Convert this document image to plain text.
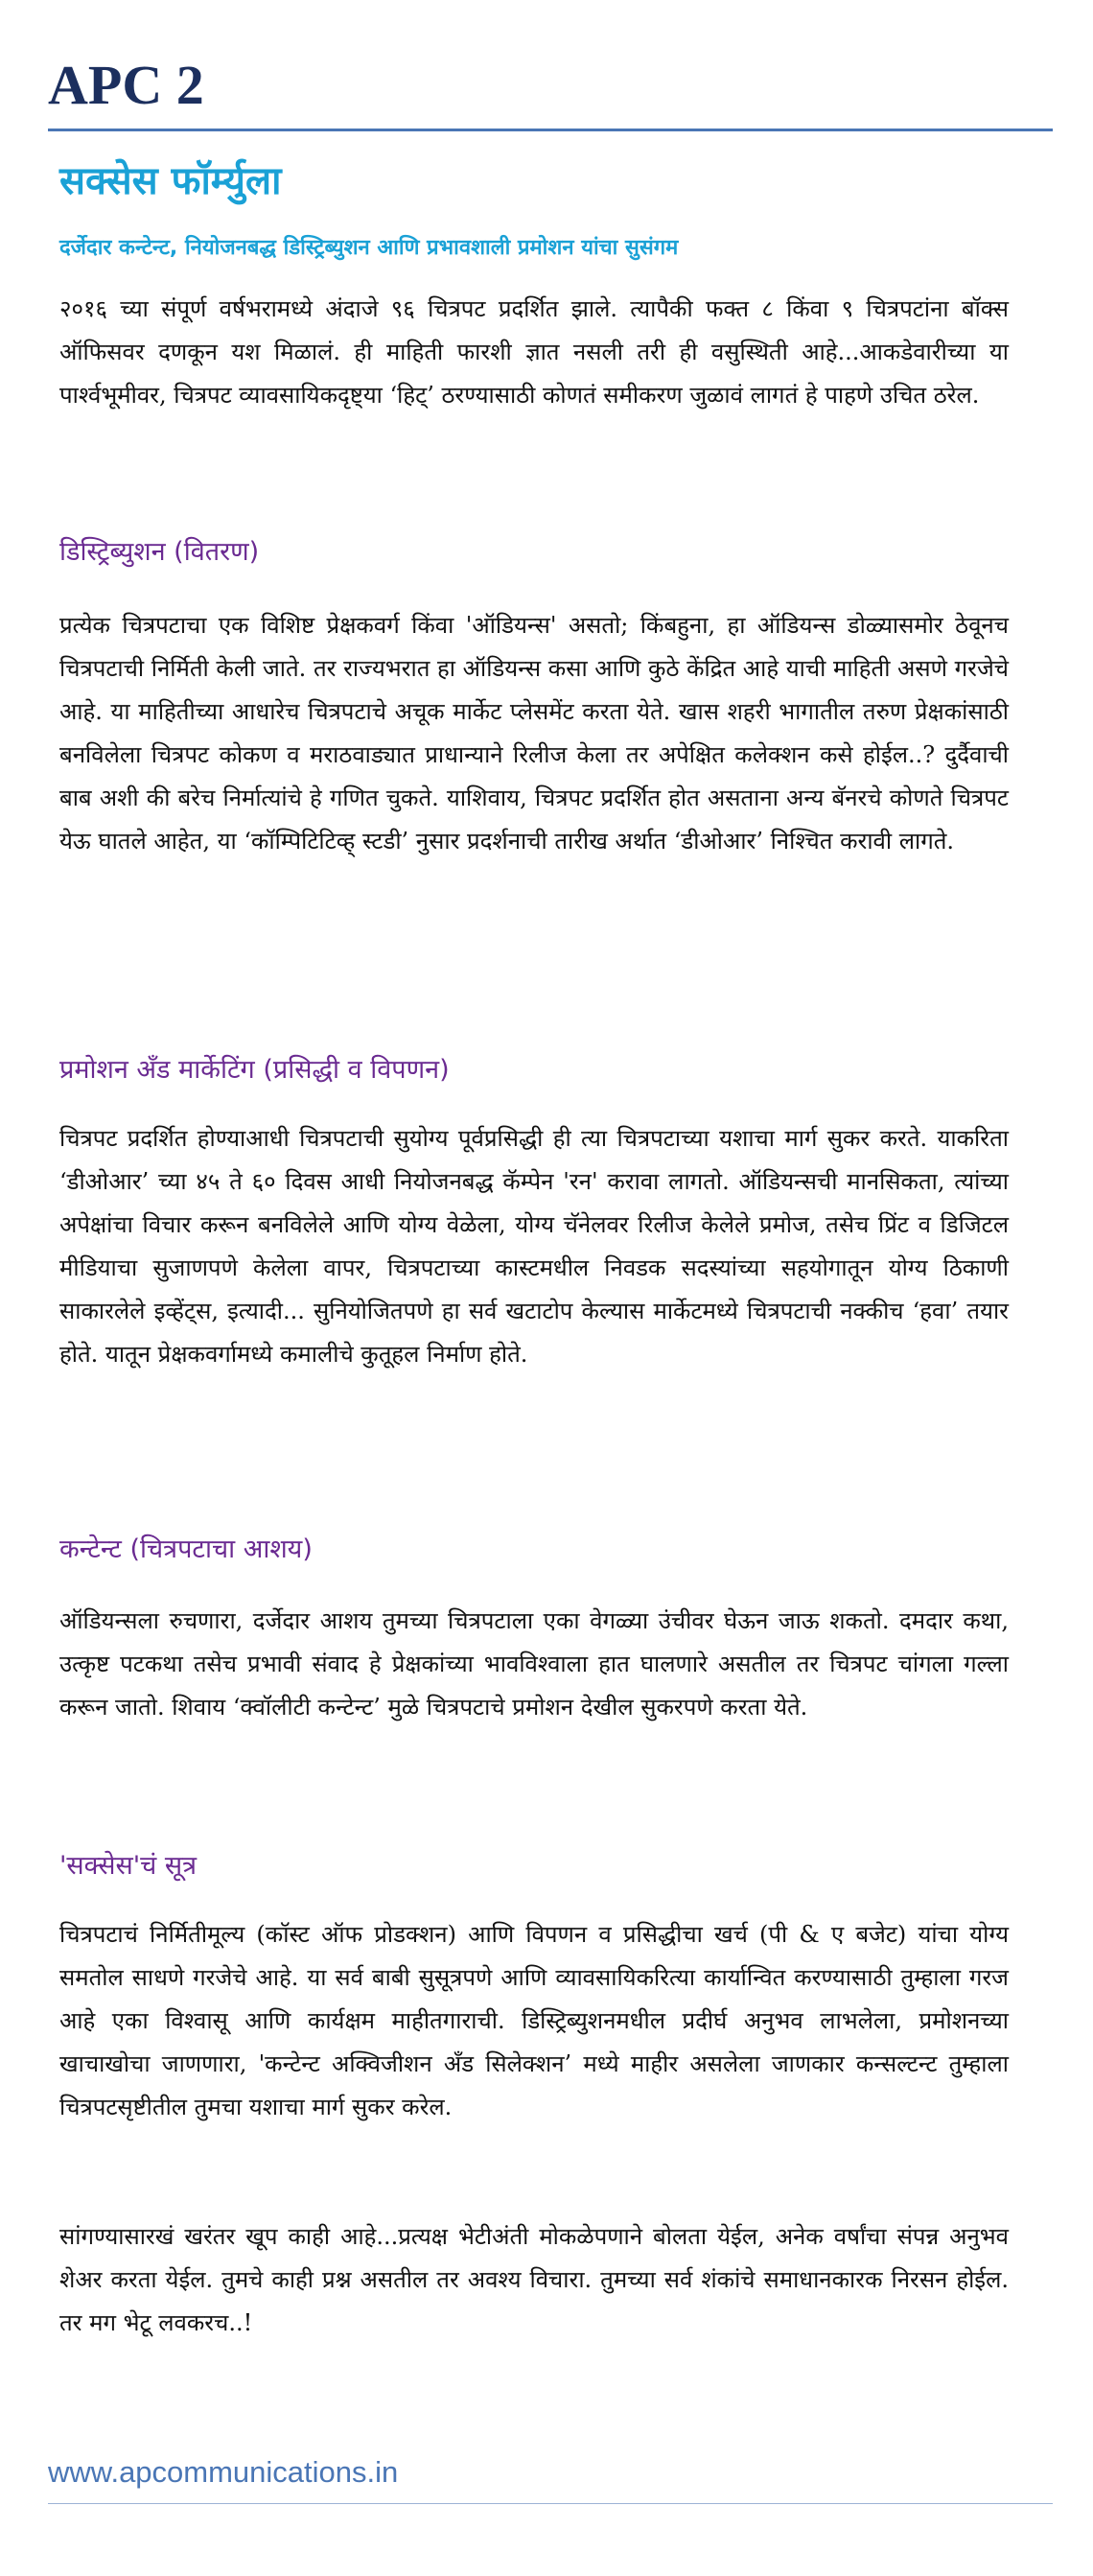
APC 2
सक्सेस फॉर्म्युला
दर्जेदार कन्टेन्ट, नियोजनबद्ध डिस्ट्रिब्युशन आणि प्रभावशाली प्रमोशन यांचा सुसंगम

२०१६ च्या संपूर्ण वर्षभरामध्ये अंदाजे ९६ चित्रपट प्रदर्शित झाले. त्यापैकी फक्त ८ किंवा ९ चित्रपटांना बॉक्स ऑफिसवर दणकून यश मिळालं. ही माहिती फारशी ज्ञात नसली तरी ही वसुस्थिती आहे...आकडेवारीच्या या पार्श्वभूमीवर, चित्रपट व्यावसायिकदृष्ट्या ‘हिट्’ ठरण्यासाठी कोणतं समीकरण जुळावं लागतं हे पाहणे उचित ठरेल.

डिस्ट्रिब्युशन (वितरण)

प्रत्येक चित्रपटाचा एक विशिष्ट प्रेक्षकवर्ग किंवा 'ऑडियन्स' असतो; किंबहुना, हा ऑडियन्स डोळ्यासमोर ठेवूनच चित्रपटाची निर्मिती केली जाते. तर राज्यभरात हा ऑडियन्स कसा आणि कुठे केंद्रित आहे याची माहिती असणे गरजेचे आहे. या माहितीच्या आधारेच चित्रपटाचे अचूक मार्केट प्लेसमेंट करता येते. खास शहरी भागातील तरुण प्रेक्षकांसाठी बनविलेला चित्रपट कोकण व मराठवाड्यात प्राधान्याने रिलीज केला तर अपेक्षित कलेक्शन कसे होईल..? दुर्दैवाची बाब अशी की बरेच निर्मात्यांचे हे गणित चुकते. याशिवाय, चित्रपट प्रदर्शित होत असताना अन्य बॅनरचे कोणते चित्रपट येऊ घातले आहेत, या ‘कॉम्पिटिटिव्ह् स्टडी’ नुसार प्रदर्शनाची तारीख अर्थात ‘डीओआर’ निश्चित करावी लागते.

प्रमोशन अँड मार्केटिंग (प्रसिद्धी व विपणन)

चित्रपट प्रदर्शित होण्याआधी चित्रपटाची सुयोग्य पूर्वप्रसिद्धी ही त्या चित्रपटाच्या यशाचा मार्ग सुकर करते. याकरिता ‘डीओआर’ च्या ४५ ते ६० दिवस आधी नियोजनबद्ध कॅम्पेन 'रन' करावा लागतो. ऑडियन्सची मानसिकता, त्यांच्या अपेक्षांचा विचार करून बनविलेले आणि योग्य वेळेला, योग्य चॅनेलवर रिलीज केलेले प्रमोज, तसेच प्रिंट व डिजिटल मीडियाचा सुजाणपणे केलेला वापर, चित्रपटाच्या कास्टमधील निवडक सदस्यांच्या सहयोगातून योग्य ठिकाणी साकारलेले इव्हेंट्स, इत्यादी... सुनियोजितपणे हा सर्व खटाटोप केल्यास मार्केटमध्ये चित्रपटाची नक्कीच ‘हवा’ तयार होते. यातून प्रेक्षकवर्गामध्ये कमालीचे कुतूहल निर्माण होते.

कन्टेन्ट (चित्रपटाचा आशय)

ऑडियन्सला रुचणारा, दर्जेदार आशय तुमच्या चित्रपटाला एका वेगळ्या उंचीवर घेऊन जाऊ शकतो. दमदार कथा, उत्कृष्ट पटकथा तसेच प्रभावी संवाद हे प्रेक्षकांच्या भावविश्वाला हात घालणारे असतील तर चित्रपट चांगला गल्ला करून जातो. शिवाय ‘क्वॉलीटी कन्टेन्ट’ मुळे चित्रपटाचे प्रमोशन देखील सुकरपणे करता येते.

'सक्सेस'चं सूत्र

चित्रपटाचं निर्मितीमूल्य (कॉस्ट ऑफ प्रोडक्शन) आणि विपणन व प्रसिद्धीचा खर्च (पी & ए बजेट) यांचा योग्य समतोल साधणे गरजेचे आहे. या सर्व बाबी सुसूत्रपणे आणि व्यावसायिकरित्या कार्यान्वित करण्यासाठी तुम्हाला गरज आहे एका विश्वासू आणि कार्यक्षम माहीतगाराची. डिस्ट्रिब्युशनमधील प्रदीर्घ अनुभव लाभलेला, प्रमोशनच्या खाचाखोचा जाणणारा, 'कन्टेन्ट अक्विजीशन अँड सिलेक्शन’ मध्ये माहीर असलेला जाणकार कन्सल्टन्ट तुम्हाला चित्रपटसृष्टीतील तुमचा यशाचा मार्ग सुकर करेल.

सांगण्यासारखं खरंतर खूप काही आहे...प्रत्यक्ष भेटीअंती मोकळेपणाने बोलता येईल, अनेक वर्षांचा संपन्न अनुभव शेअर करता येईल. तुमचे काही प्रश्न असतील तर अवश्य विचारा. तुमच्या सर्व शंकांचे समाधानकारक निरसन होईल. तर मग भेटू लवकरच..!

www.apcommunications.in
